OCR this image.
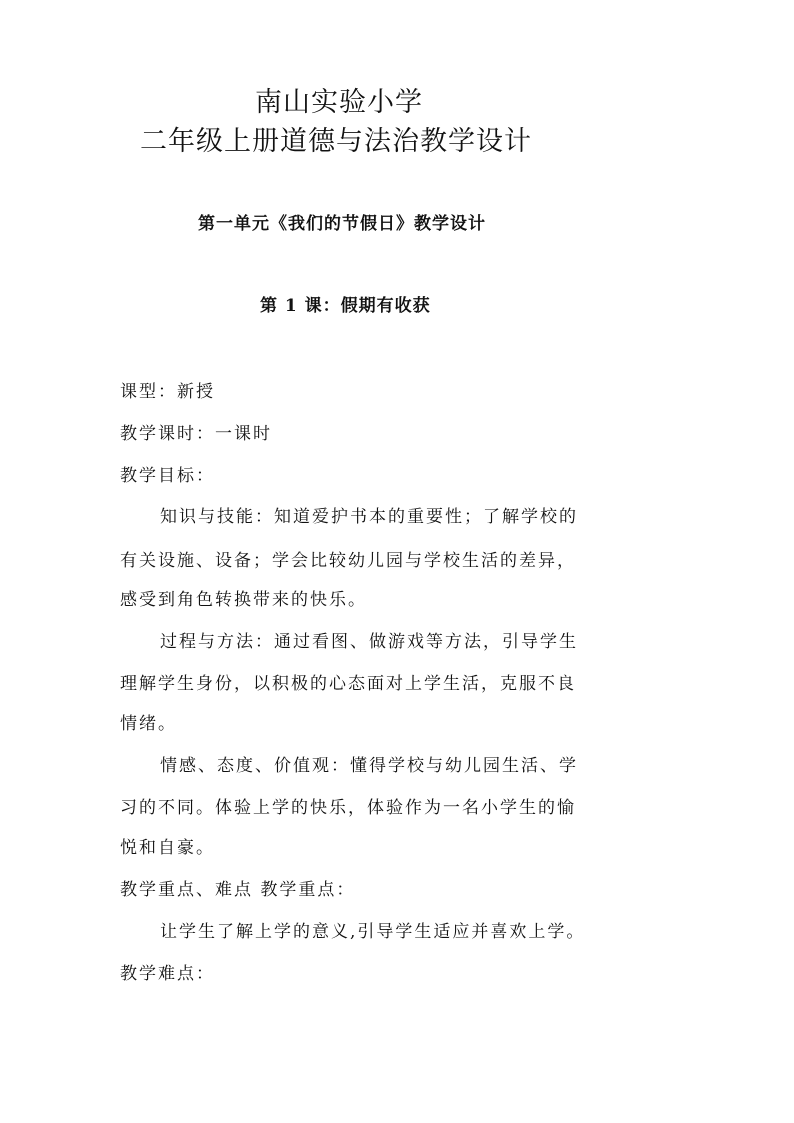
南山实验小学
二年级上册道德与法治教学设计
第一单元《我们的节假日》教学设计
第 1 课：假期有收获
课型：新授
教学课时：一课时
教学目标：
知识与技能：知道爱护书本的重要性；了解学校的
有关设施、设备；学会比较幼儿园与学校生活的差异，
感受到角色转换带来的快乐。
过程与方法：通过看图、做游戏等方法，引导学生
理解学生身份，以积极的心态面对上学生活，克服不良
情绪。
情感、态度、价值观：懂得学校与幼儿园生活、学
习的不同。体验上学的快乐，体验作为一名小学生的愉
悦和自豪。
教学重点、难点 教学重点：
让学生了解上学的意义,引导学生适应并喜欢上学。
教学难点：
